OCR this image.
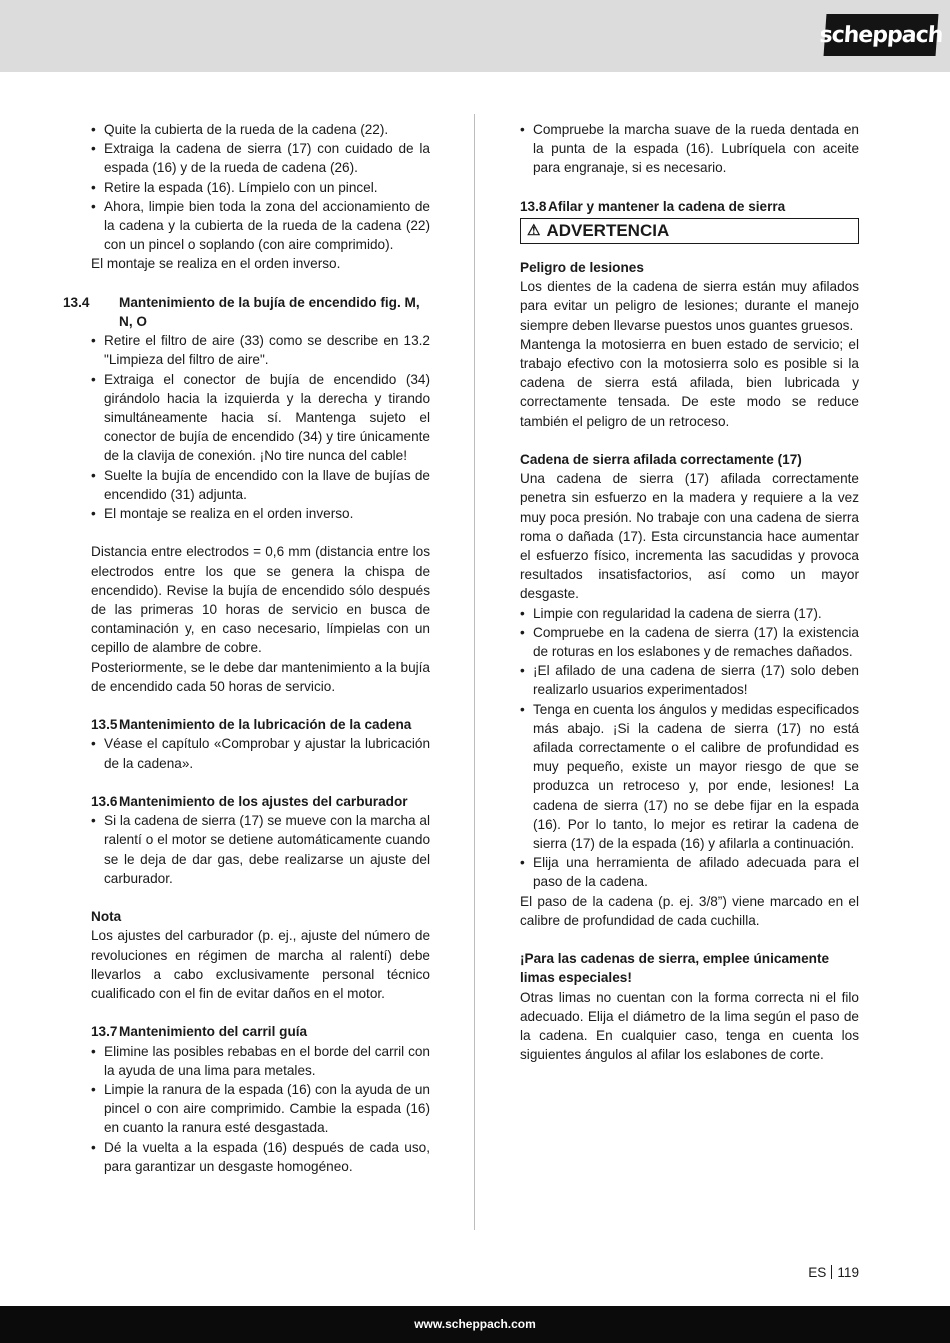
scheppach

• Quite la cubierta de la rueda de la cadena (22).

• Extraiga la cadena de sierra (17) con cuidado de la espada (16) y de la rueda de cadena (26).

• Retire la espada (16). Límpielo con un pincel.

• Ahora, limpie bien toda la zona del accionamiento de la cadena y la cubierta de la rueda de la cadena (22) con un pincel o soplando (con aire comprimido).

El montaje se realiza en el orden inverso.

13.4 Mantenimiento de la bujía de encendido fig. M, N, O

• Retire el filtro de aire (33) como se describe en 13.2 "Limpieza del filtro de aire".

• Extraiga el conector de bujía de encendido (34) girándolo hacia la izquierda y la derecha y tirando simultáneamente hacia sí. Mantenga sujeto el conector de bujía de encendido (34) y tire únicamente de la clavija de conexión. ¡No tire nunca del cable!

• Suelte la bujía de encendido con la llave de bujías de encendido (31) adjunta.

• El montaje se realiza en el orden inverso.

Distancia entre electrodos = 0,6 mm (distancia entre los electrodos entre los que se genera la chispa de encendido). Revise la bujía de encendido sólo después de las primeras 10 horas de servicio en busca de contaminación y, en caso necesario, límpielas con un cepillo de alambre de cobre.

Posteriormente, se le debe dar mantenimiento a la bujía de encendido cada 50 horas de servicio.

13.5 Mantenimiento de la lubricación de la cadena

• Véase el capítulo «Comprobar y ajustar la lubricación de la cadena».

13.6 Mantenimiento de los ajustes del carburador

• Si la cadena de sierra (17) se mueve con la marcha al ralentí o el motor se detiene automáticamente cuando se le deja de dar gas, debe realizarse un ajuste del carburador.

Nota

Los ajustes del carburador (p. ej., ajuste del número de revoluciones en régimen de marcha al ralentí) debe llevarlos a cabo exclusivamente personal técnico cualificado con el fin de evitar daños en el motor.

13.7 Mantenimiento del carril guía

• Elimine las posibles rebabas en el borde del carril con la ayuda de una lima para metales.

• Limpie la ranura de la espada (16) con la ayuda de un pincel o con aire comprimido. Cambie la espada (16) en cuanto la ranura esté desgastada.

• Dé la vuelta a la espada (16) después de cada uso, para garantizar un desgaste homogéneo.

• Compruebe la marcha suave de la rueda dentada en la punta de la espada (16). Lubríquela con aceite para engranaje, si es necesario.

13.8 Afilar y mantener la cadena de sierra

⚠ ADVERTENCIA

Peligro de lesiones

Los dientes de la cadena de sierra están muy afilados para evitar un peligro de lesiones; durante el manejo siempre deben llevarse puestos unos guantes gruesos.

Mantenga la motosierra en buen estado de servicio; el trabajo efectivo con la motosierra solo es posible si la cadena de sierra está afilada, bien lubricada y correctamente tensada. De este modo se reduce también el peligro de un retroceso.

Cadena de sierra afilada correctamente (17)

Una cadena de sierra (17) afilada correctamente penetra sin esfuerzo en la madera y requiere a la vez muy poca presión. No trabaje con una cadena de sierra roma o dañada (17). Esta circunstancia hace aumentar el esfuerzo físico, incrementa las sacudidas y provoca resultados insatisfactorios, así como un mayor desgaste.

• Limpie con regularidad la cadena de sierra (17).

• Compruebe en la cadena de sierra (17) la existencia de roturas en los eslabones y de remaches dañados.

• ¡El afilado de una cadena de sierra (17) solo deben realizarlo usuarios experimentados!

• Tenga en cuenta los ángulos y medidas especificados más abajo. ¡Si la cadena de sierra (17) no está afilada correctamente o el calibre de profundidad es muy pequeño, existe un mayor riesgo de que se produzca un retroceso y, por ende, lesiones! La cadena de sierra (17) no se debe fijar en la espada (16). Por lo tanto, lo mejor es retirar la cadena de sierra (17) de la espada (16) y afilarla a continuación.

• Elija una herramienta de afilado adecuada para el paso de la cadena.

El paso de la cadena (p. ej. 3/8”) viene marcado en el calibre de profundidad de cada cuchilla.

¡Para las cadenas de sierra, emplee únicamente limas especiales!

Otras limas no cuentan con la forma correcta ni el filo adecuado. Elija el diámetro de la lima según el paso de la cadena. En cualquier caso, tenga en cuenta los siguientes ángulos al afilar los eslabones de corte.

ES 119
www.scheppach.com
